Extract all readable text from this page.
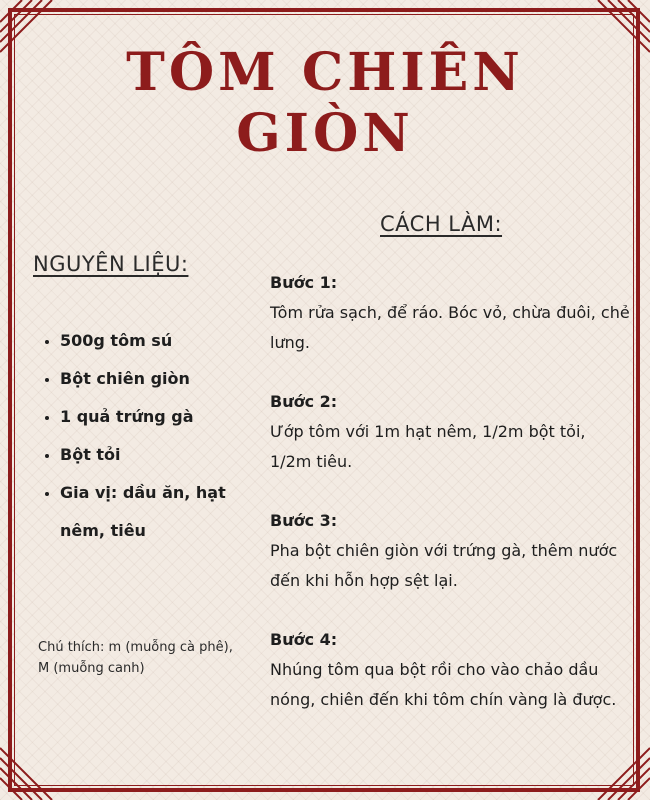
TÔM CHIÊN
GIÒN
NGUYÊN LIỆU:
• 500g tôm sú
• Bột chiên giòn
• 1 quả trứng gà
• Bột tỏi
• Gia vị: dầu ăn, hạt nêm, tiêu

Chú thích: m (muỗng cà phê), M (muỗng canh)

CÁCH LÀM:
Bước 1:
Tôm rửa sạch, để ráo. Bóc vỏ, chừa đuôi, chẻ lưng.
Bước 2:
Ướp tôm với 1m hạt nêm, 1/2m bột tỏi, 1/2m tiêu.
Bước 3:
Pha bột chiên giòn với trứng gà, thêm nước đến khi hỗn hợp sệt lại.
Bước 4:
Nhúng tôm qua bột rồi cho vào chảo dầu nóng, chiên đến khi tôm chín vàng là được.
